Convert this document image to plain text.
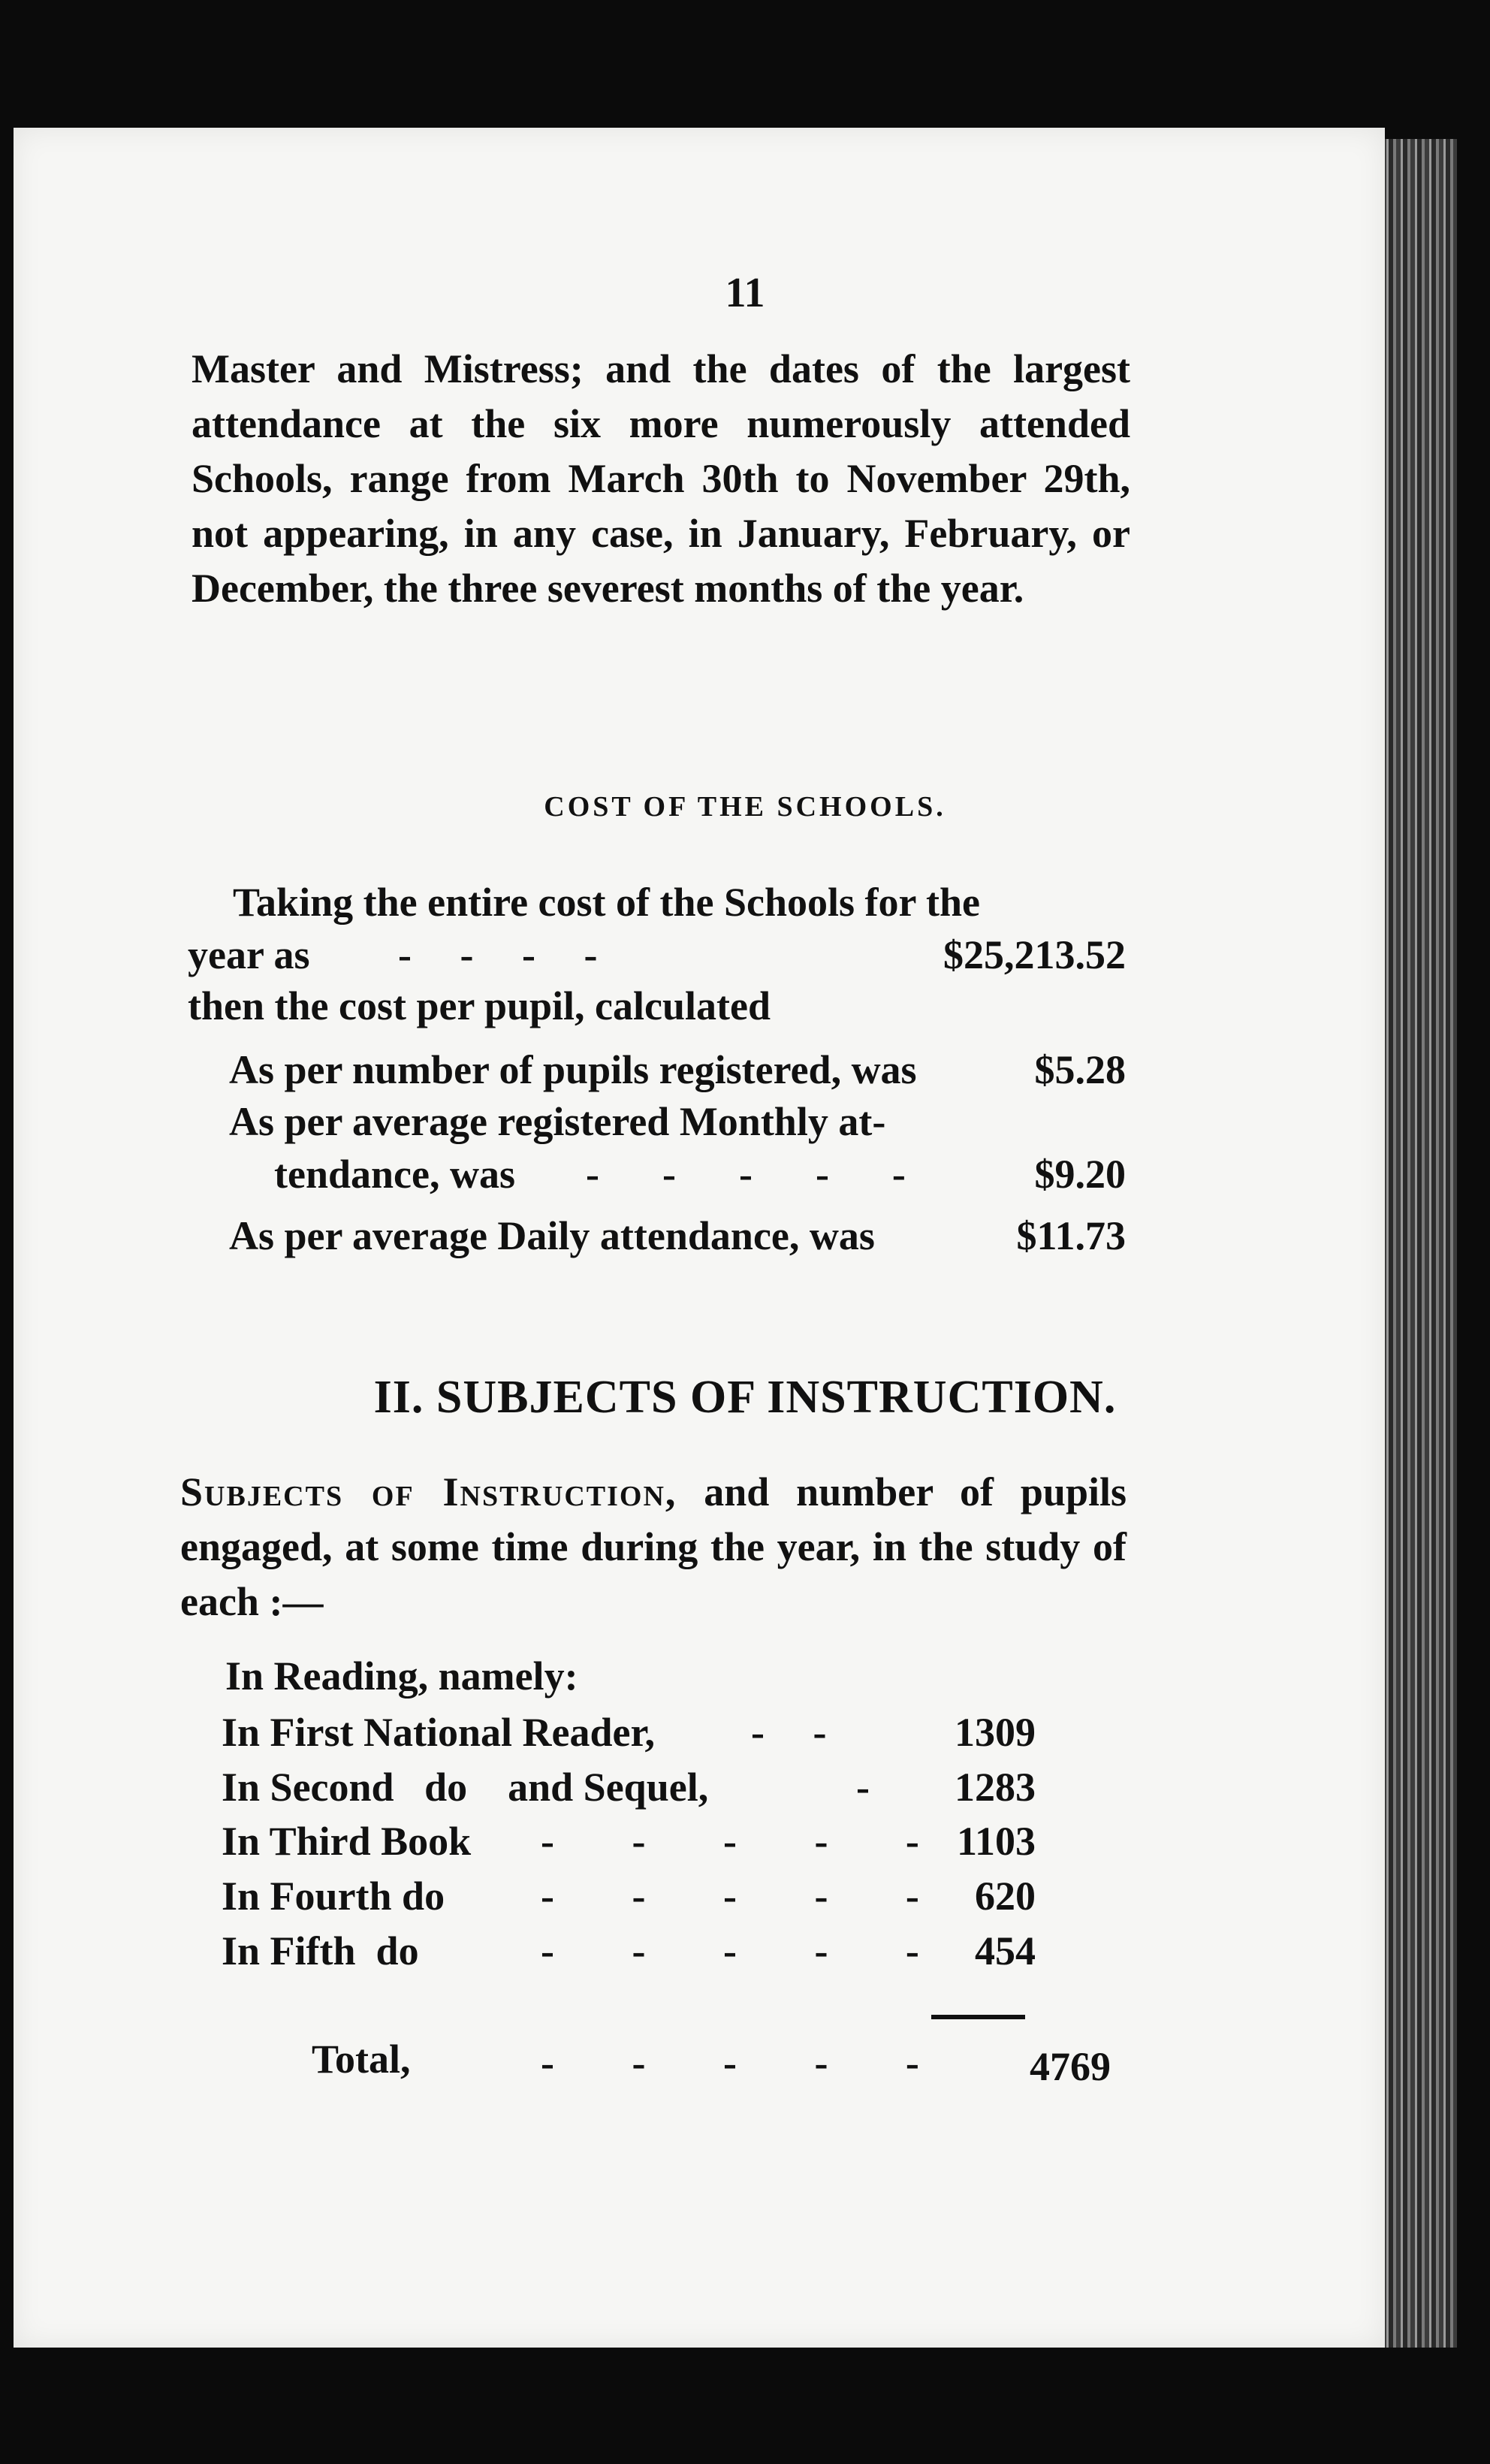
11

Master and Mistress; and the dates of the largest attendance at the six more numerously attended Schools, range from March 30th to November 29th, not appearing, in any case, in January, February, or December, the three severest months of the year.

COST OF THE SCHOOLS.
Taking the entire cost of the Schools for the
year as -   -   -   -	$25,213.52
then the cost per pupil, calculated
As per number of pupils registered, was	$5.28
As per average registered Monthly at-
tendance, was -    -    -    -    -	$9.20
As per average Daily attendance, was	$11.73
II. SUBJECTS OF INSTRUCTION.

Subjects of Instruction, and number of pupils engaged, at some time during the year, in the study of each :—

In Reading, namely:
In First National Reader, -   -	1309
In Second   do    and Sequel,	- 1283
In Third Book -     -     -     -     - 1103
In Fourth do -     -     -     -     - 620
In Fifth  do	-     -     -     -     - 454
Total,	-     -     -     -     -	4769
